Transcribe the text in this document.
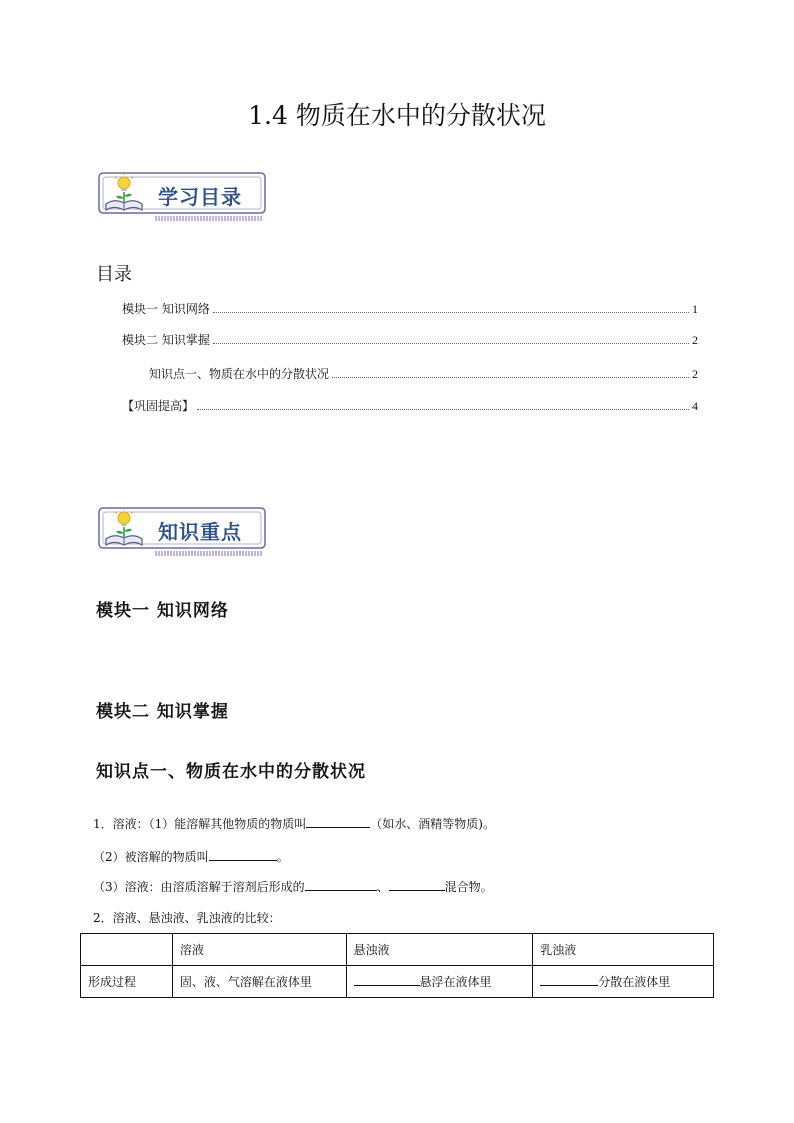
1.4 物质在水中的分散状况
学习目录
目录
模块一 知识网络	1
模块二 知识掌握	2
知识点一、物质在水中的分散状况	2
【巩固提高】	4
知识重点
模块一 知识网络
模块二 知识掌握
知识点一、物质在水中的分散状况
1．溶液：（1）能溶解其他物质的物质叫	（如水、酒精等物质)。
（2）被溶解的物质叫	。
（3）溶液：由溶质溶解于溶剂后形成的	、	混合物。
2．溶液、悬浊液、乳浊液的比较：
	溶液	悬浊液	乳浊液
形成过程	固、液、气溶解在液体里	悬浮在液体里	分散在液体里
